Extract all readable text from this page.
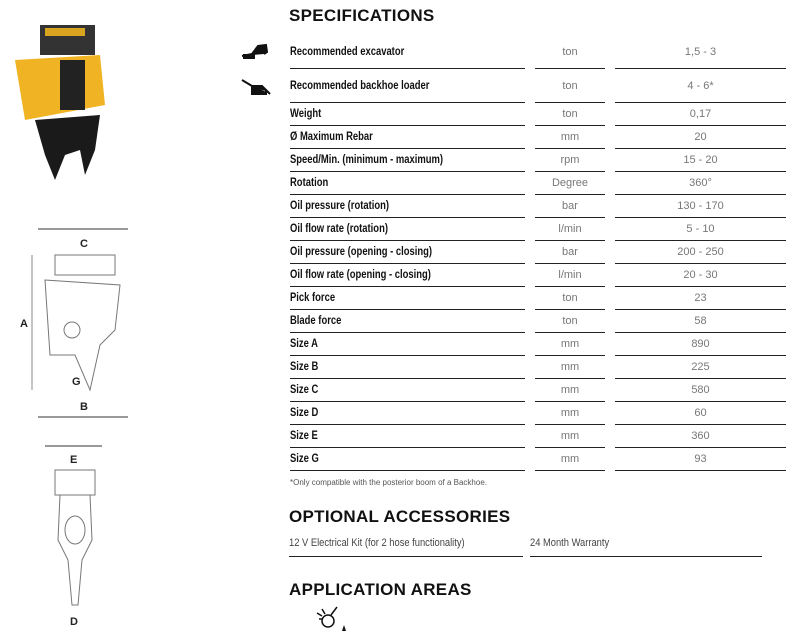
C
A
G
B
E
D
SPECIFICATIONS
Recommended excavator	ton	1,5 - 3
Recommended backhoe loader	ton	4 - 6*
Weight	ton	0,17
Ø Maximum Rebar	mm	20
Speed/Min. (minimum - maximum)	rpm	15 - 20
Rotation	Degree	360°
Oil pressure (rotation)	bar	130 - 170
Oil flow rate (rotation)	l/min	5 - 10
Oil pressure (opening - closing)	bar	200 - 250
Oil flow rate (opening - closing)	l/min	20 - 30
Pick force	ton	23
Blade force	ton	58
Size A	mm	890
Size B	mm	225
Size C	mm	580
Size D	mm	60
Size E	mm	360
Size G	mm	93
*Only compatible with the posterior boom of a Backhoe.
OPTIONAL ACCESSORIES
12 V Electrical Kit (for 2 hose functionality)	24 Month Warranty
APPLICATION AREAS
